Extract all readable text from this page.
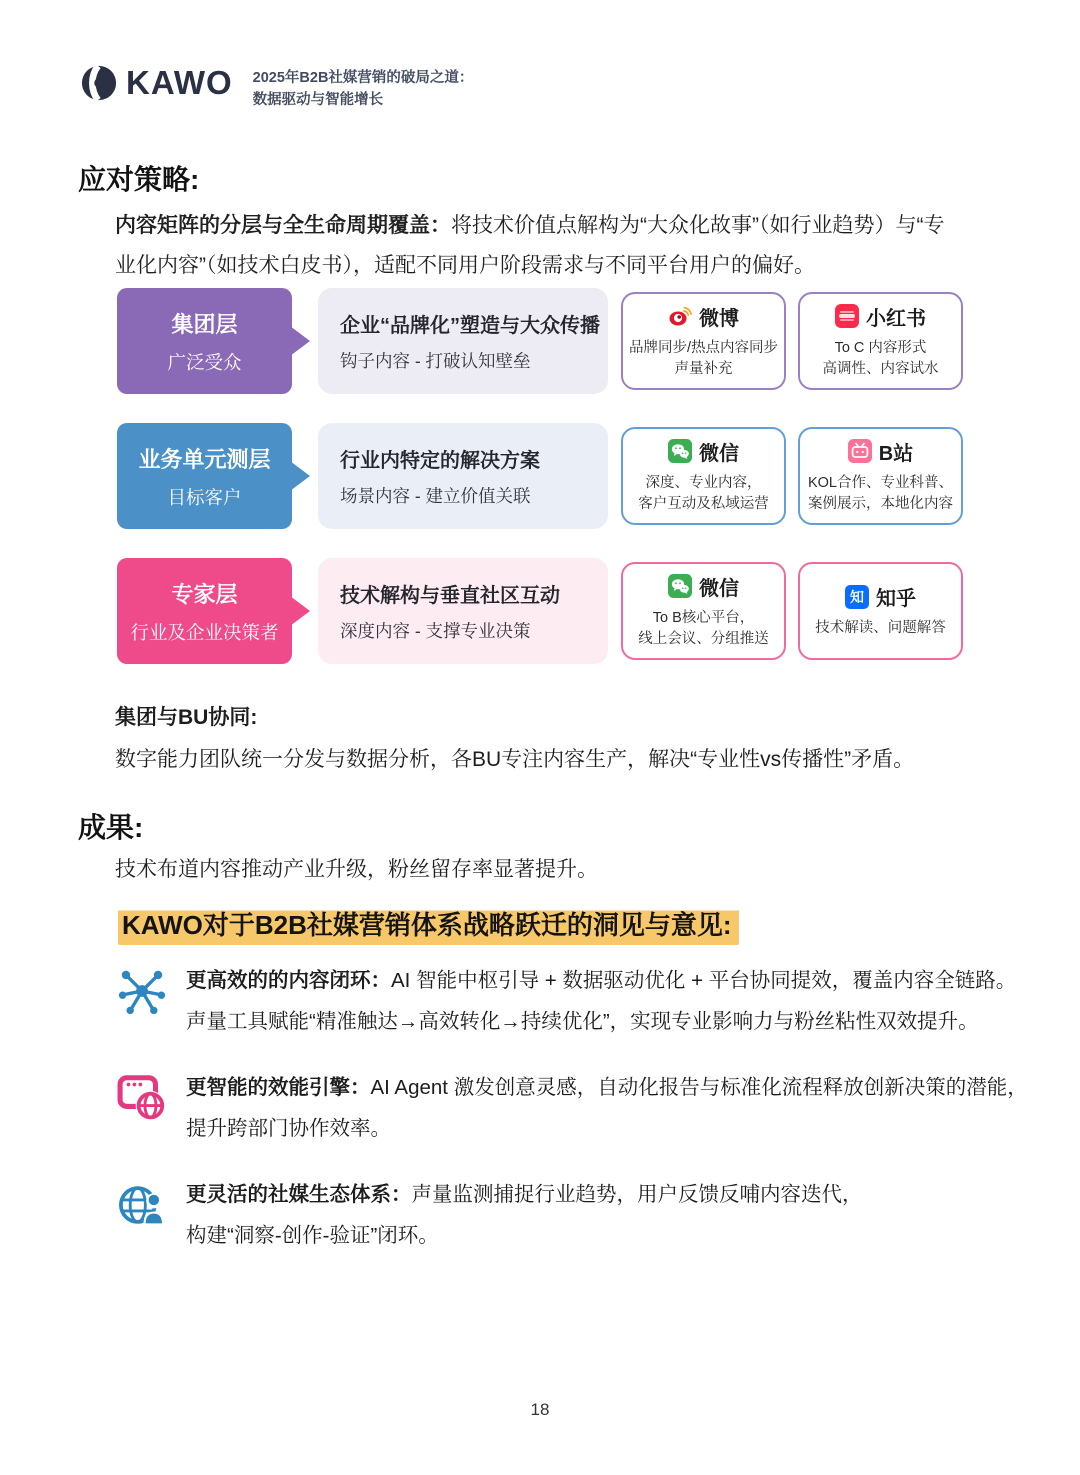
KAWO 2025年B2B社媒营销的破局之道：
数据驱动与智能增长
应对策略:
内容矩阵的分层与全生命周期覆盖：将技术价值点解构为“大众化故事”（如行业趋势）与“专
业化内容”（如技术白皮书），适配不同用户阶段需求与不同平台用户的偏好。
集团层
广泛受众
企业“品牌化”塑造与大众传播
钩子内容 - 打破认知壁垒
微博
品牌同步/热点内容同步
声量补充
小红书
To C 内容形式
高调性、内容试水
业务单元测层
目标客户
行业内特定的解决方案
场景内容 - 建立价值关联
微信
深度、专业内容，
客户互动及私域运营
B站
KOL合作、专业科普、
案例展示，本地化内容
专家层
行业及企业决策者
技术解构与垂直社区互动
深度内容 - 支撑专业决策
微信
To B核心平台，
线上会议、分组推送
知 知乎
技术解读、问题解答
集团与BU协同:
数字能力团队统一分发与数据分析，各BU专注内容生产，解决“专业性vs传播性”矛盾。
成果:
技术布道内容推动产业升级，粉丝留存率显著提升。
KAWO对于B2B社媒营销体系战略跃迁的洞见与意见:
更高效的的内容闭环：AI 智能中枢引导 + 数据驱动优化 + 平台协同提效，覆盖内容全链路。
声量工具赋能“精准触达→高效转化→持续优化”，实现专业影响力与粉丝粘性双效提升。
更智能的效能引擎：AI Agent 激发创意灵感，自动化报告与标准化流程释放创新决策的潜能，
提升跨部门协作效率。
更灵活的社媒生态体系：声量监测捕捉行业趋势，用户反馈反哺内容迭代，
构建“洞察-创作-验证”闭环。
18
